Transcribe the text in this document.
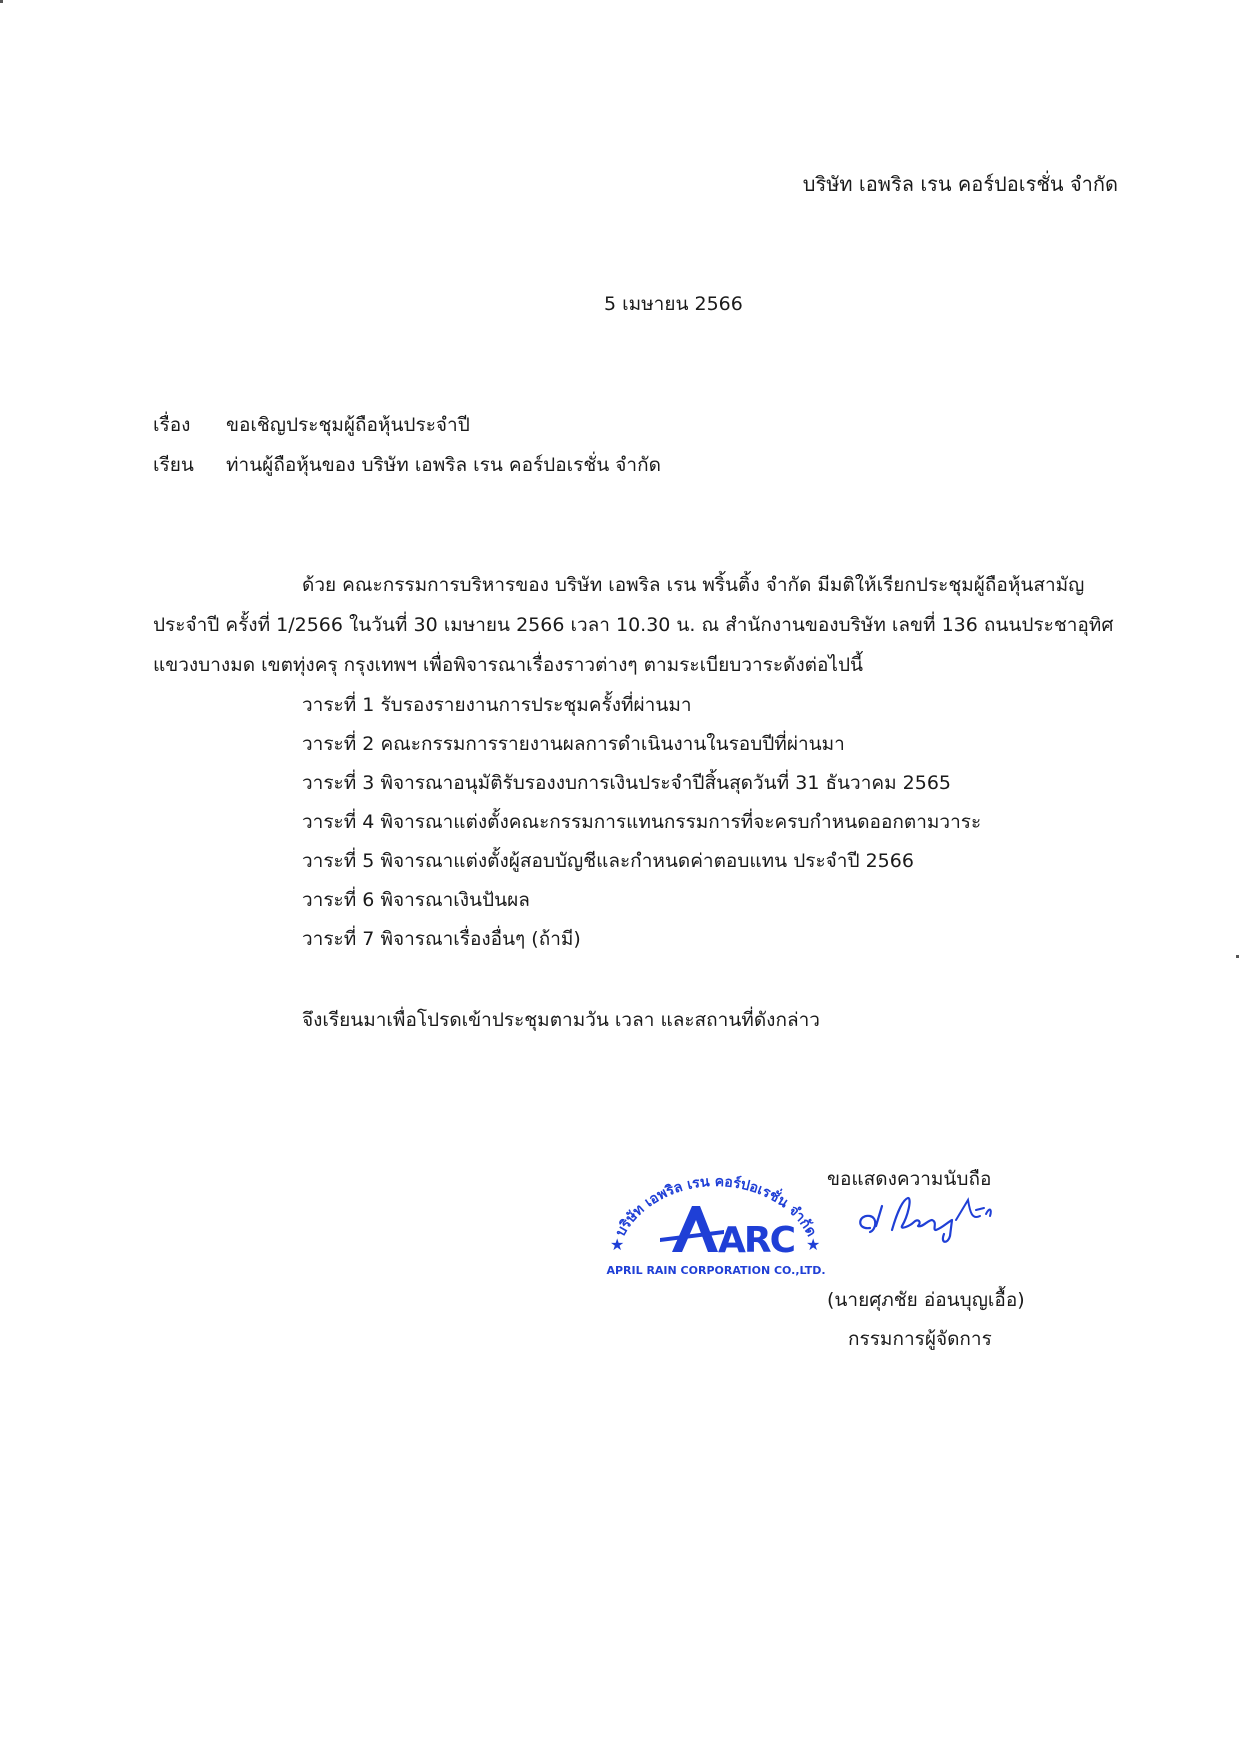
บริษัท เอพริล เรน คอร์ปอเรชั่น จำกัด
5 เมษายน 2566
เรื่อง ขอเชิญประชุมผู้ถือหุ้นประจำปี
เรียน ท่านผู้ถือหุ้นของ บริษัท เอพริล เรน คอร์ปอเรชั่น จำกัด
ด้วย คณะกรรมการบริหารของ บริษัท เอพริล เรน พริ้นติ้ง จำกัด มีมติให้เรียกประชุมผู้ถือหุ้นสามัญ
ประจำปี ครั้งที่ 1/2566 ในวันที่ 30 เมษายน 2566 เวลา 10.30 น. ณ สำนักงานของบริษัท เลขที่ 136 ถนนประชาอุทิศ
แขวงบางมด เขตทุ่งครุ กรุงเทพฯ เพื่อพิจารณาเรื่องราวต่างๆ ตามระเบียบวาระดังต่อไปนี้
วาระที่ 1 รับรองรายงานการประชุมครั้งที่ผ่านมา
วาระที่ 2 คณะกรรมการรายงานผลการดำเนินงานในรอบปีที่ผ่านมา
วาระที่ 3 พิจารณาอนุมัติรับรองงบการเงินประจำปีสิ้นสุดวันที่ 31 ธันวาคม 2565
วาระที่ 4 พิจารณาแต่งตั้งคณะกรรมการแทนกรรมการที่จะครบกำหนดออกตามวาระ
วาระที่ 5 พิจารณาแต่งตั้งผู้สอบบัญชีและกำหนดค่าตอบแทน ประจำปี 2566
วาระที่ 6 พิจารณาเงินปันผล
วาระที่ 7 พิจารณาเรื่องอื่นๆ (ถ้ามี)
จึงเรียนมาเพื่อโปรดเข้าประชุมตามวัน เวลา และสถานที่ดังกล่าว
บริษัท เอพริล เรน คอร์ปอเรชั่น จำกัด
★	★
ARC
APRIL RAIN CORPORATION CO.,LTD.
ขอแสดงความนับถือ
(นายศุภชัย อ่อนบุญเอื้อ)
กรรมการผู้จัดการ
